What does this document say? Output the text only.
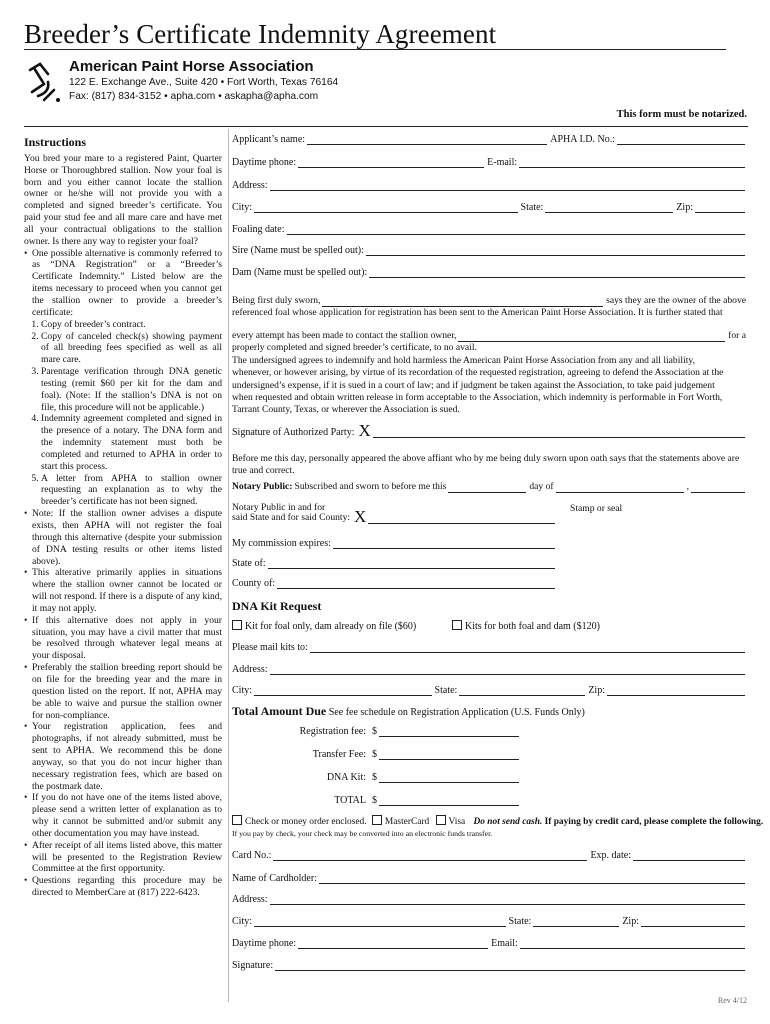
Breeder’s Certificate Indemnity Agreement
American Paint Horse Association
122 E. Exchange Ave., Suite 420 • Fort Worth, Texas 76164
Fax: (817) 834-3152 • apha.com • askapha@apha.com
This form must be notarized.
Instructions

You bred your mare to a registered Paint, Quarter Horse or Thoroughbred stallion. Now your foal is born and you either cannot locate the stallion owner or he/she will not provide you with a completed and signed breeder’s certificate. You paid your stud fee and all mare care and have met all your contractual obligations to the stallion owner. Is there any way to register your foal?

• One possible alternative is commonly referred to as “DNA Registration” or a “Breeder’s Certificate Indemnity.” Listed below are the items necessary to proceed when you cannot get the stallion owner to provide a breeder’s certificate:
1. Copy of breeder’s contract.
2. Copy of canceled check(s) showing payment of all breeding fees specified as well as all mare care.
3. Parentage verification through DNA genetic testing (remit $60 per kit for the dam and foal). (Note: If the stallion’s DNA is not on file, this procedure will not be applicable.)
4. Indemnity agreement completed and signed in the presence of a notary. The DNA form and the indemnity statement must both be completed and returned to APHA in order to start this process.
5. A letter from APHA to stallion owner requesting an explanation as to why the breeder’s certificate has not been signed.
• Note: If the stallion owner advises a dispute exists, then APHA will not register the foal through this alternative (despite your submission of DNA testing results or other items listed above).
• This alterative primarily applies in situations where the stallion owner cannot be located or will not respond. If there is a dispute of any kind, it may not apply.
• If this alternative does not apply in your situation, you may have a civil matter that must be resolved through whatever legal means at your disposal.
• Preferably the stallion breeding report should be on file for the breeding year and the mare in question listed on the report. If not, APHA may be able to waive and pursue the stallion owner for non-compliance.
• Your registration application, fees and photographs, if not already submitted, must be sent to APHA. We recommend this be done anyway, so that you do not incur higher than necessary registration fees, which are based on the postmark date.
• If you do not have one of the items listed above, please send a written letter of explanation as to why it cannot be submitted and/or submit any other documentation you may have instead.
• After receipt of all items listed above, this matter will be presented to the Registration Review Committee at the first opportunity.
• Questions regarding this procedure may be directed to MemberCare at (817) 222-6423.
Applicant’s name:	APHA I.D. No.:
Daytime phone:	E-mail:
Address:
City:	State:	Zip:
Foaling date:
Sire (Name must be spelled out):
Dam (Name must be spelled out):
Being first duly sworn,	says they are the owner of the above
referenced foal whose application for registration has been sent to the American Paint Horse Association. It is further stated that
every attempt has been made to contact the stallion owner,	for a
properly completed and signed breeder’s certificate, to no avail.
The undersigned agrees to indemnify and hold harmless the American Paint Horse Association from any and all liability, whenever, or however arising, by virtue of its recordation of the requested registration, agreeing to defend the Association at the undersigned’s expense, if it is sued in a court of law; and if judgment be taken against the Association, to take paid judgement when requested and obtain written release in form acceptable to the Association, which indemnity is performable in Fort Worth, Tarrant County, Texas, or wherever the Association is sued.
Signature of Authorized Party: X
Before me this day, personally appeared the above affiant who by me being duly sworn upon oath says that the statements above are true and correct.
Notary Public: Subscribed and sworn to before me this	day of	,
Notary Public in and for
said State and for said County: X	Stamp or seal
My commission expires:
State of:
County of:
DNA Kit Request
Kit for foal only, dam already on file ($60)	Kits for both foal and dam ($120)
Please mail kits to:
Address:
City:	State:	Zip:
Total Amount Due See fee schedule on Registration Application (U.S. Funds Only)
Registration fee: $
Transfer Fee: $
DNA Kit: $
TOTAL $
Check or money order enclosed. MasterCard Visa Do not send cash. If paying by credit card, please complete the following.
If you pay by check, your check may be converted into an electronic funds transfer.
Card No.:	Exp. date:
Name of Cardholder:
Address:
City:	State:	Zip:
Daytime phone:	Email:
Signature:
Rev 4/12
